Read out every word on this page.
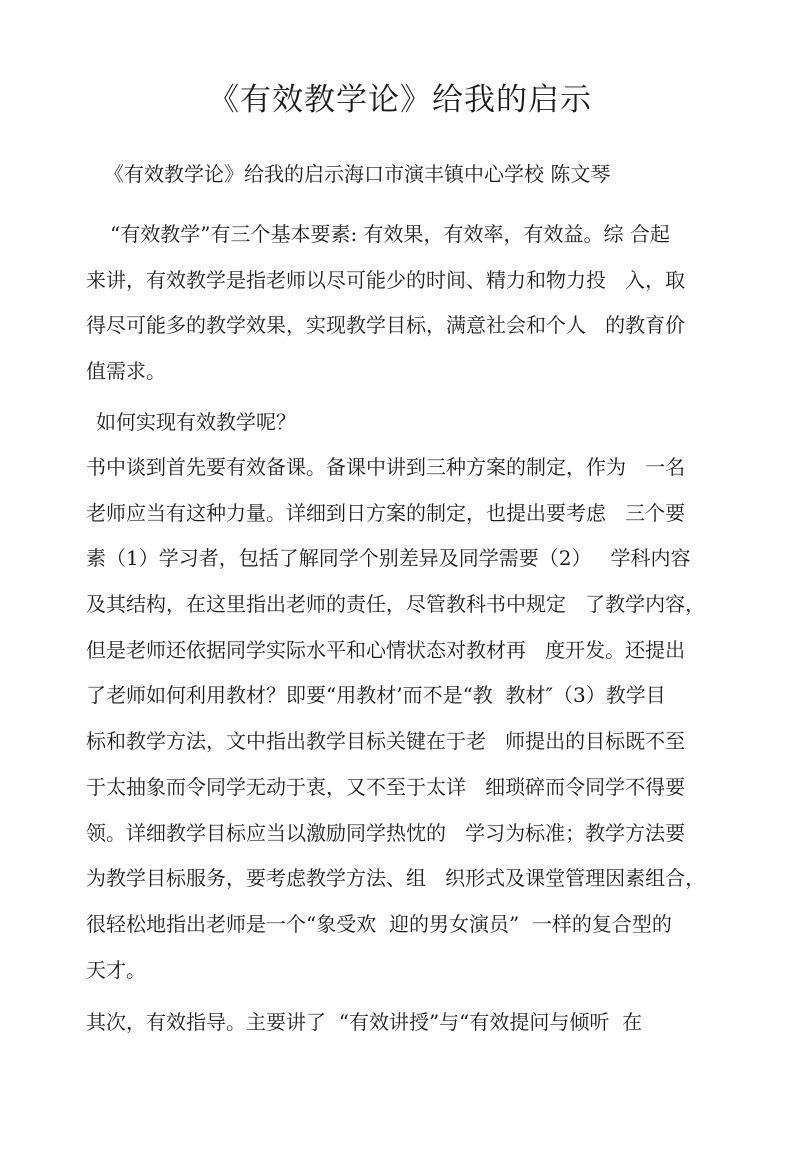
《有效教学论》给我的启示

《有效教学论》给我的启示海口市演丰镇中心学校 陈文琴

“有效教学”有三个基本要素: 有效果，有效率，有效益。综 合起
来讲，有效教学是指老师以尽可能少的时间、精力和物力投   入，取
得尽可能多的教学效果，实现教学目标，满意社会和个人   的教育价
值需求。
如何实现有效教学呢？
书中谈到首先要有效备课。备课中讲到三种方案的制定，作为   一名
老师应当有这种力量。详细到日方案的制定，也提出要考虑   三个要
素（1）学习者，包括了解同学个别差异及同学需要（2）   学科内容
及其结构，在这里指出老师的责任，尽管教科书中规定   了教学内容，
但是老师还依据同学实际水平和心情状态对教材再   度开发。还提出
了老师如何利用教材？即要“用教材’而不是“教  教材″（3）教学目
标和教学方法，文中指出教学目标关键在于老   师提出的目标既不至
于太抽象而令同学无动于衷，又不至于太详   细琐碎而令同学不得要
领。详细教学目标应当以激励同学热忱的   学习为标准；教学方法要
为教学目标服务，要考虑教学方法、组   织形式及课堂管理因素组合，
很轻松地指出老师是一个“象受欢  迎的男女演员”  一样的复合型的
天才。
其次，有效指导。主要讲了  “有效讲授”与“有效提问与倾听  在
